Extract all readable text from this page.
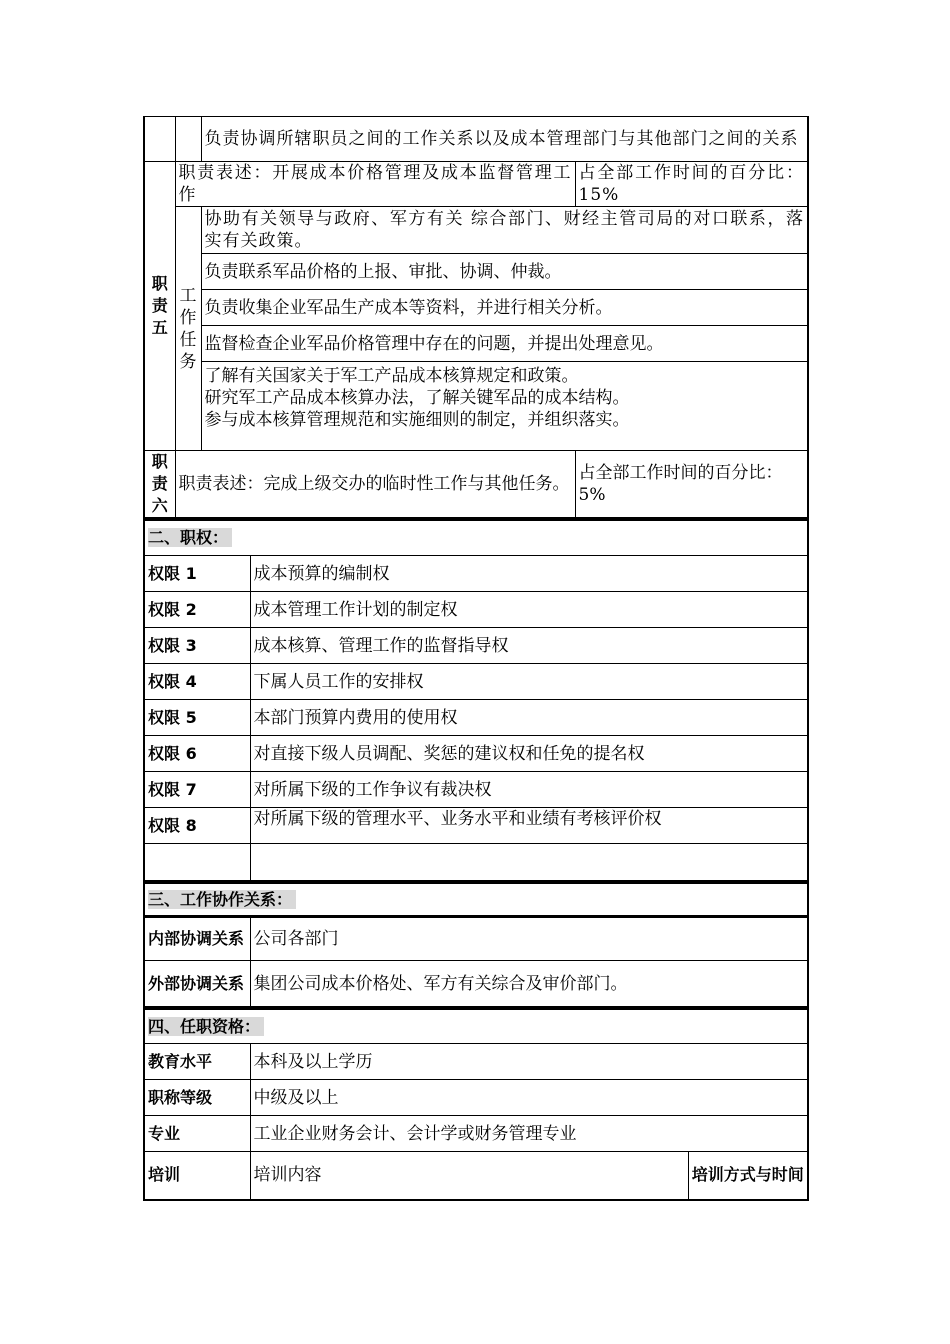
		负责协调所辖职员之间的工作关系以及成本管理部门与其他部门之间的关系	
职
责
五	职责表述：开展成本价格管理及成本监督管理工作		占全部工作时间的百分比：15%
	工
作
任
务	协助有关领导与政府、军方有关 综合部门、财经主管司局的对口联系，落实有关政策。	
		负责联系军品价格的上报、审批、协调、仲裁。	
		负责收集企业军品生产成本等资料，并进行相关分析。	
		监督检查企业军品价格管理中存在的问题，并提出处理意见。	

		了解有关国家关于军工产品成本核算规定和政策。
研究军工产品成本核算办法，了解关键军品的成本结构。
参与成本核算管理规范和实施细则的制定，并组织落实。	

职
责
六	职责表述：完成上级交办的临时性工作与其他任务。		占全部工作时间的百分比：5%
二、职权：	
权限 1	成本预算的编制权
权限 2	成本管理工作计划的制定权
权限 3	成本核算、管理工作的监督指导权
权限 4	下属人员工作的安排权
权限 5	本部门预算内费用的使用权
权限 6	对直接下级人员调配、奖惩的建议权和任免的提名权
权限 7	对所属下级的工作争议有裁决权
权限 8	对所属下级的管理水平、业务水平和业绩有考核评价权

三、工作协作关系：	
内部协调关系	公司各部门
外部协调关系	集团公司成本价格处、军方有关综合及审价部门。
四、任职资格：		
教育水平	本科及以上学历	
职称等级	中级及以上	
专业	工业企业财务会计、会计学或财务管理专业	
培训	培训内容	培训方式与时间
